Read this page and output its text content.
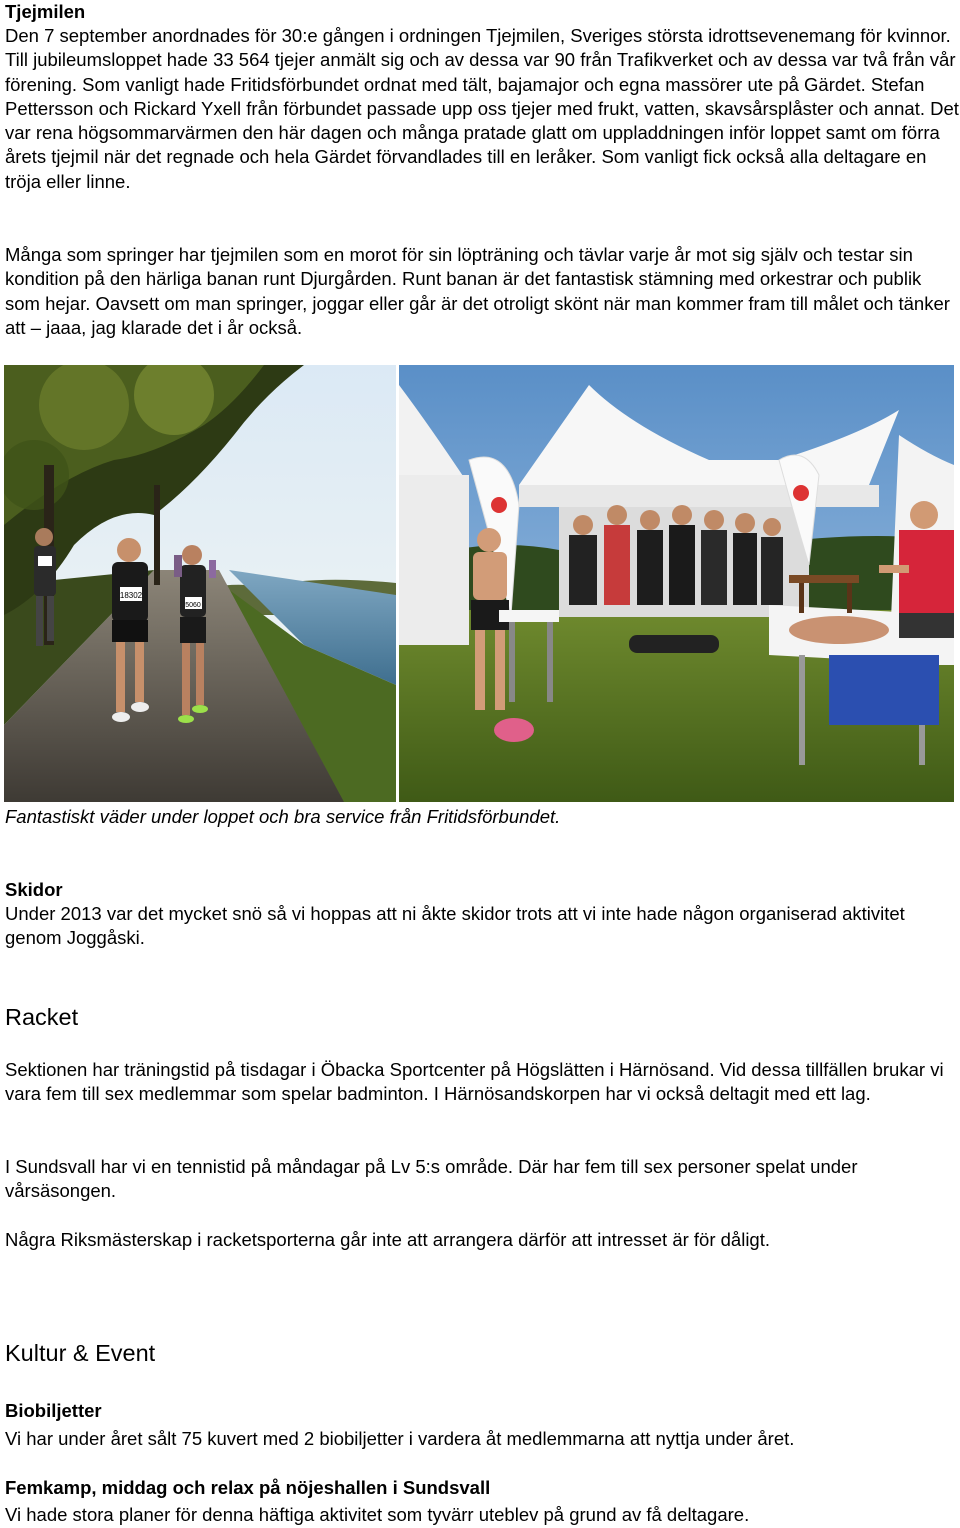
Tjejmilen

Den 7 september anordnades för 30:e gången i ordningen Tjejmilen, Sveriges största idrottsevenemang för kvinnor. Till jubileumsloppet hade 33 564 tjejer anmält sig och av dessa var 90 från Trafikverket och av dessa var två från vår förening. Som vanligt hade Fritidsförbundet ordnat med tält, bajamajor och egna massörer ute på Gärdet. Stefan Pettersson och Rickard Yxell från förbundet passade upp oss tjejer med frukt, vatten, skavsårsplåster och annat. Det var rena högsommarvärmen den här dagen och många pratade glatt om uppladdningen inför loppet samt om förra årets tjejmil när det regnade och hela Gärdet förvandlades till en leråker. Som vanligt fick också alla deltagare en tröja eller linne.

Många som springer har tjejmilen som en morot för sin löpträning och tävlar varje år mot sig själv och testar sin kondition på den härliga banan runt Djurgården. Runt banan är det fantastisk stämning med orkestrar och publik som hejar. Oavsett om man springer, joggar eller går är det otroligt skönt när man kommer fram till målet och tänker att – jaaa, jag klarade det i år också.

18302
5060

Fantastiskt väder under loppet och bra service från Fritidsförbundet.

Skidor

Under 2013 var det mycket snö så vi hoppas att ni åkte skidor trots att vi inte hade någon organiserad aktivitet genom Joggåski.

Racket

Sektionen har träningstid på tisdagar i Öbacka Sportcenter på Högslätten i Härnösand. Vid dessa tillfällen brukar vi vara fem till sex medlemmar som spelar badminton. I Härnösandskorpen har vi också deltagit med ett lag.

I Sundsvall har vi en tennistid på måndagar på Lv 5:s område. Där har fem till sex personer spelat under vårsäsongen.

Några Riksmästerskap i racketsporterna går inte att arrangera därför att intresset är för dåligt.

Kultur & Event

Biobiljetter

Vi har under året sålt 75 kuvert med 2 biobiljetter i vardera åt medlemmarna att nyttja under året.

Femkamp, middag och relax på nöjeshallen i Sundsvall

Vi hade stora planer för denna häftiga aktivitet som tyvärr uteblev på grund av få deltagare.
